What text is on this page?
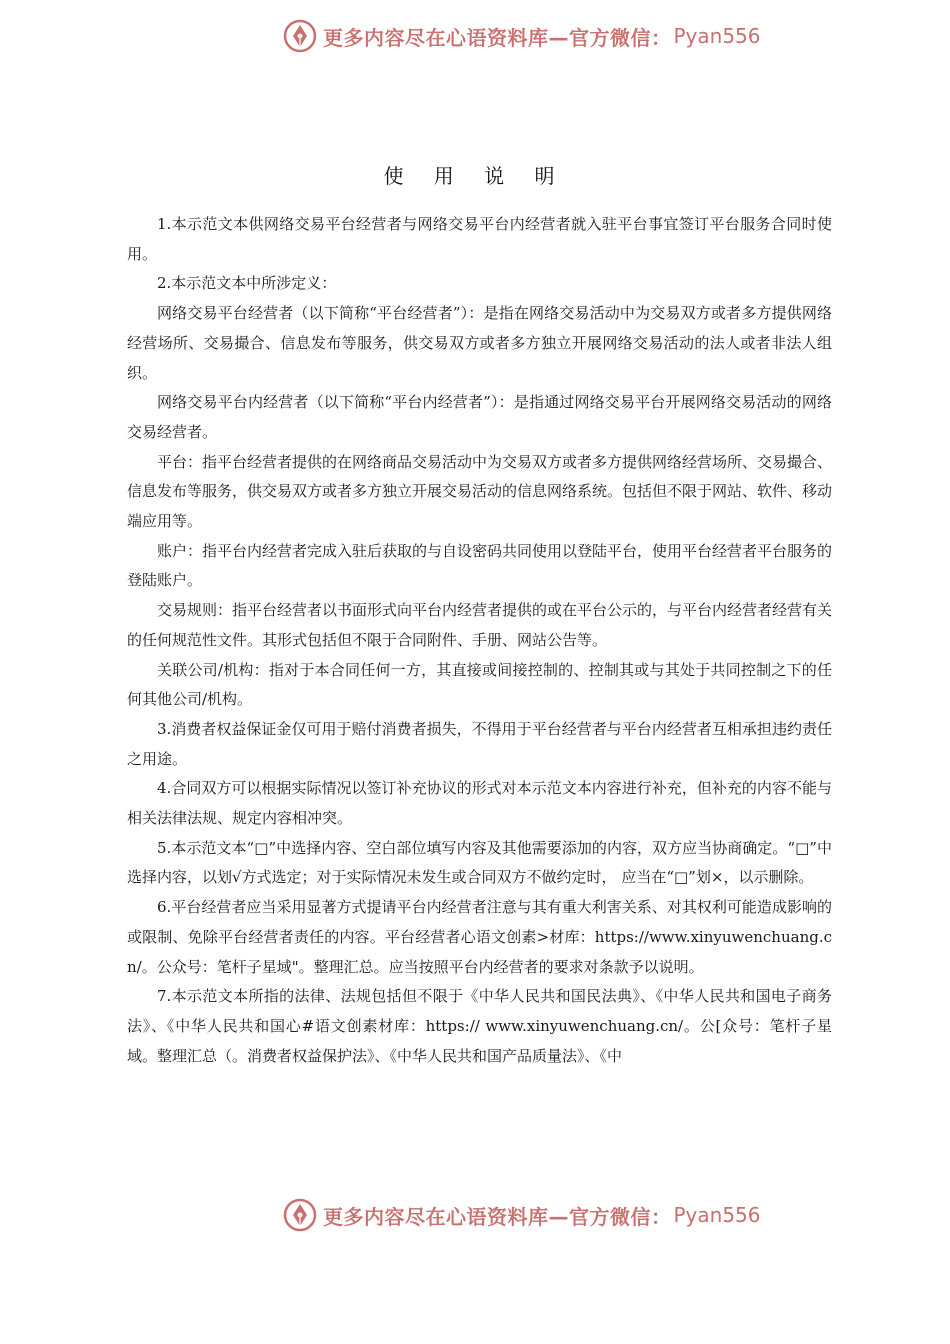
更多内容尽在心语资料库—官方微信： Pyan556
使 用 说 明

1.本示范文本供网络交易平台经营者与网络交易平台内经营者就入驻平台事宜签订平台服务合同时使用。

2.本示范文本中所涉定义：

网络交易平台经营者（以下简称“平台经营者”）：是指在网络交易活动中为交易双方或者多方提供网络经营场所、交易撮合、信息发布等服务，供交易双方或者多方独立开展网络交易活动的法人或者非法人组织。

网络交易平台内经营者（以下简称“平台内经营者”）：是指通过网络交易平台开展网络交易活动的网络交易经营者。

平台：指平台经营者提供的在网络商品交易活动中为交易双方或者多方提供网络经营场所、交易撮合、信息发布等服务，供交易双方或者多方独立开展交易活动的信息网络系统。包括但不限于网站、软件、移动端应用等。

账户：指平台内经营者完成入驻后获取的与自设密码共同使用以登陆平台，使用平台经营者平台服务的登陆账户。

交易规则：指平台经营者以书面形式向平台内经营者提供的或在平台公示的，与平台内经营者经营有关的任何规范性文件。其形式包括但不限于合同附件、手册、网站公告等。

关联公司/机构：指对于本合同任何一方，其直接或间接控制的、控制其或与其处于共同控制之下的任何其他公司/机构。

3.消费者权益保证金仅可用于赔付消费者损失，不得用于平台经营者与平台内经营者互相承担违约责任之用途。

4.合同双方可以根据实际情况以签订补充协议的形式对本示范文本内容进行补充，但补充的内容不能与相关法律法规、规定内容相冲突。

5.本示范文本“□”中选择内容、空白部位填写内容及其他需要添加的内容，双方应当协商确定。“□”中选择内容，以划√方式选定；对于实际情况未发生或合同双方不做约定时， 应当在“□”划×，以示删除。

6.平台经营者应当采用显著方式提请平台内经营者注意与其有重大利害关系、对其权利可能造成影响的或限制、免除平台经营者责任的内容。平台经营者心语文创素>材库：https://www.xinyuwenchuang.cn/。公众号：笔杆子星域"。整理汇总。应当按照平台内经营者的要求对条款予以说明。

7.本示范文本所指的法律、法规包括但不限于《中华人民共和国民法典》、《中华人民共和国电子商务法》、《中华人民共和国心#语文创素材库：https:// www.xinyuwenchuang.cn/。公[众号：笔杆子星域。整理汇总（。消费者权益保护法》、《中华人民共和国产品质量法》、《中

更多内容尽在心语资料库—官方微信： Pyan556
